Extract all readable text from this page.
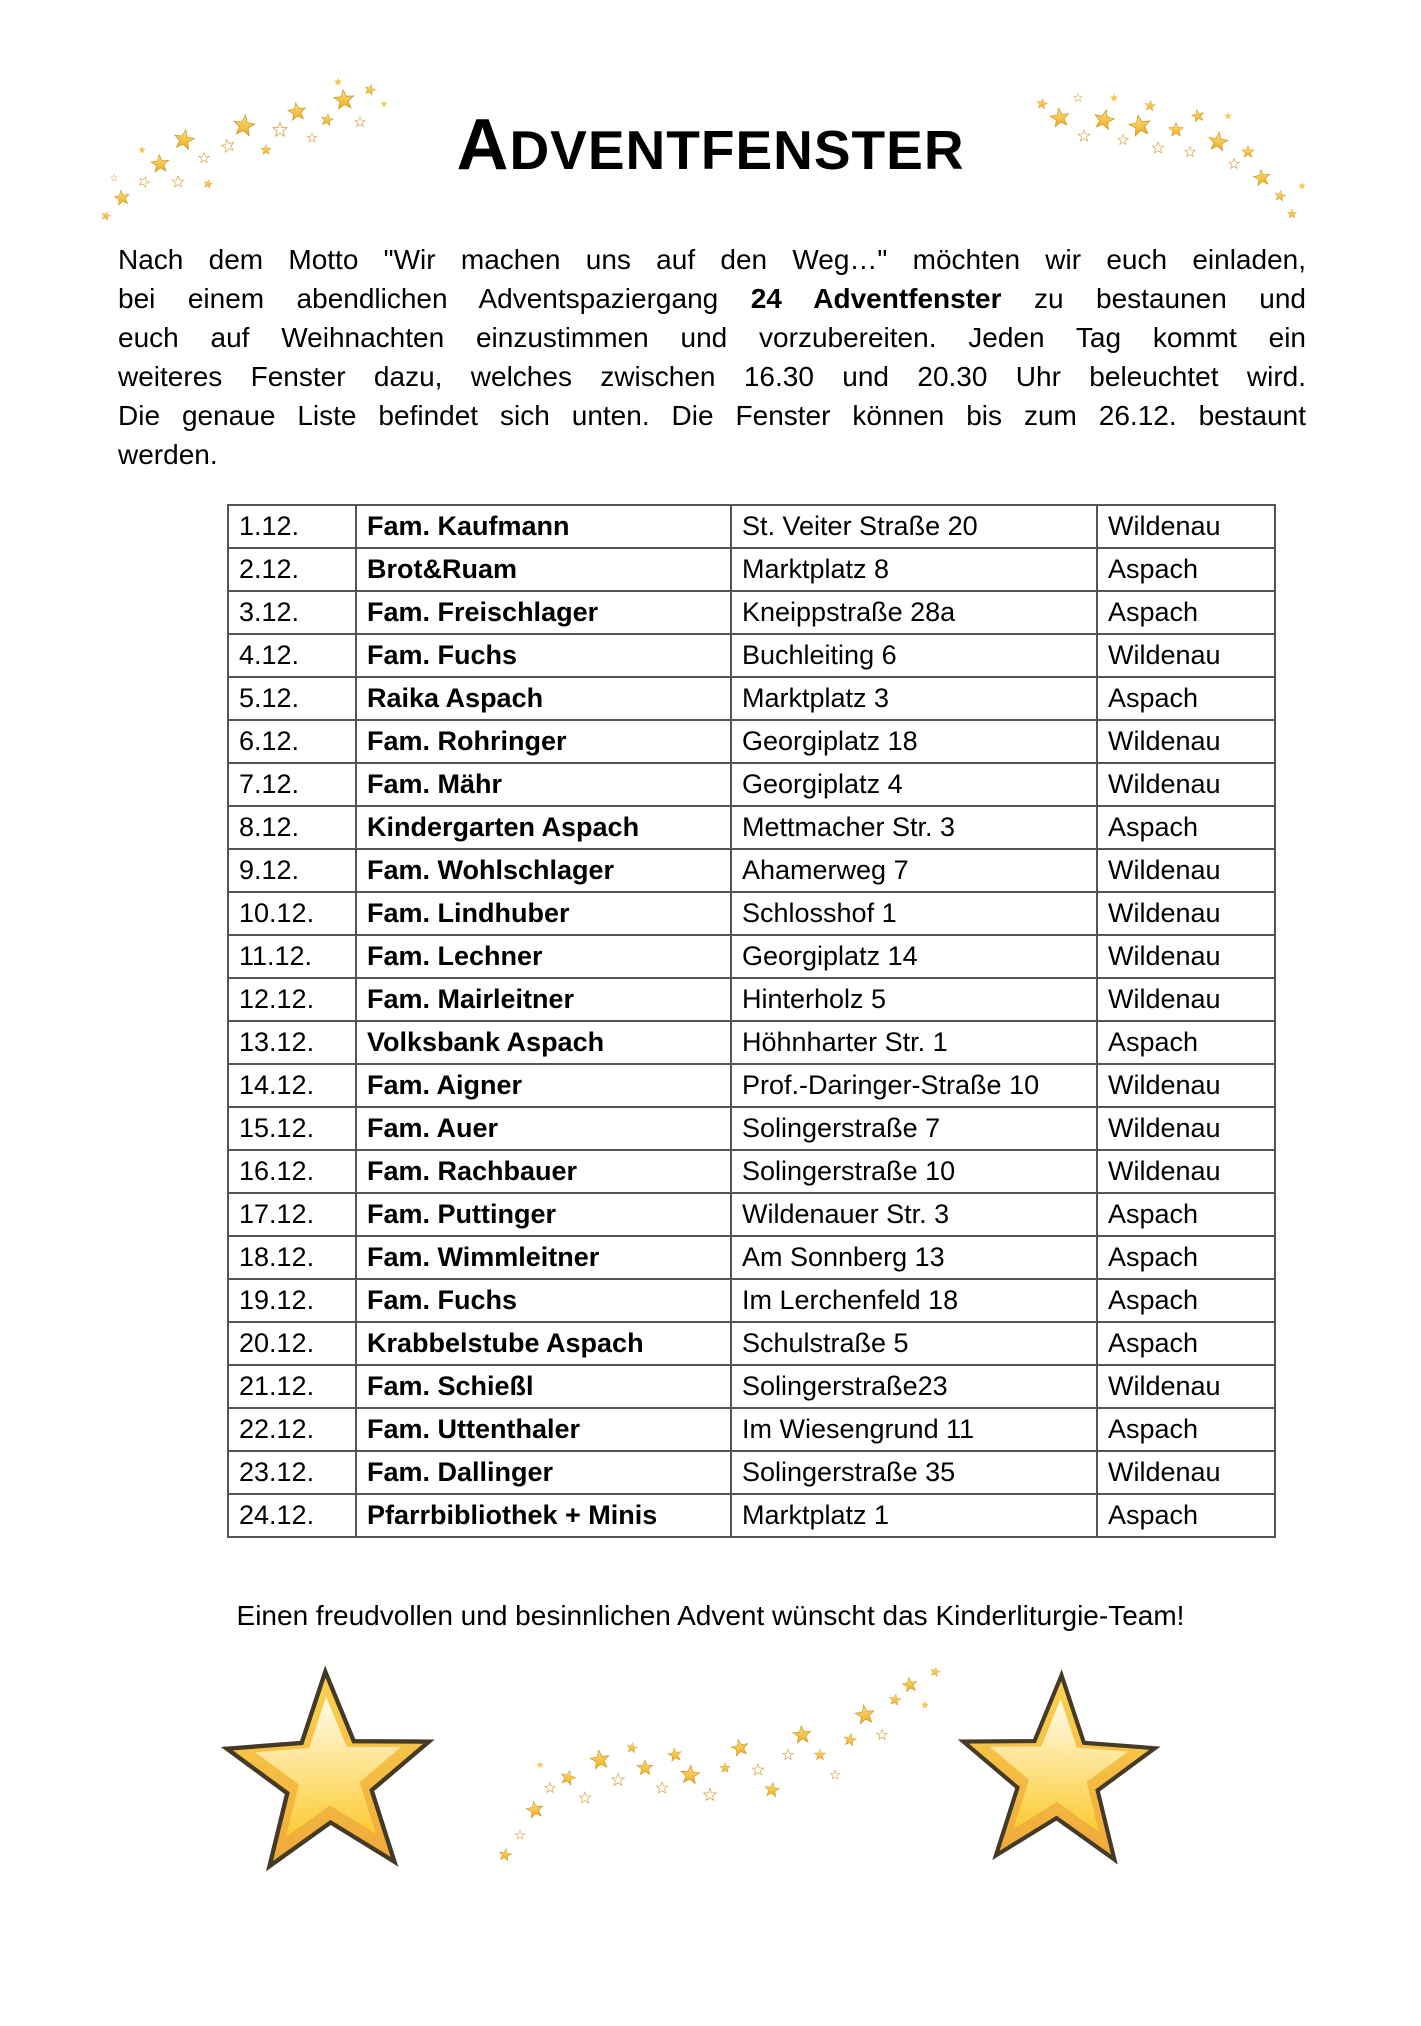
ADVENTFENSTER
Nach dem Motto "Wir machen uns auf den Weg…" möchten wir euch einladen,
bei einem abendlichen Adventspaziergang 24 Adventfenster zu bestaunen und
euch auf Weihnachten einzustimmen und vorzubereiten. Jeden Tag kommt ein
weiteres Fenster dazu, welches zwischen 16.30 und 20.30 Uhr beleuchtet wird.
Die genaue Liste befindet sich unten. Die Fenster können bis zum 26.12. bestaunt
werden.
1.12.	Fam. Kaufmann	St. Veiter Straße 20	Wildenau
2.12.	Brot&Ruam	Marktplatz 8	Aspach
3.12.	Fam. Freischlager	Kneippstraße 28a	Aspach
4.12.	Fam. Fuchs	Buchleiting 6	Wildenau
5.12.	Raika Aspach	Marktplatz 3	Aspach
6.12.	Fam. Rohringer	Georgiplatz 18	Wildenau
7.12.	Fam. Mähr	Georgiplatz 4	Wildenau
8.12.	Kindergarten Aspach	Mettmacher Str. 3	Aspach
9.12.	Fam. Wohlschlager	Ahamerweg 7	Wildenau
10.12.	Fam. Lindhuber	Schlosshof 1	Wildenau
11.12.	Fam. Lechner	Georgiplatz 14	Wildenau
12.12.	Fam. Mairleitner	Hinterholz 5	Wildenau
13.12.	Volksbank Aspach	Höhnharter Str. 1	Aspach
14.12.	Fam. Aigner	Prof.-Daringer-Straße 10	Wildenau
15.12.	Fam. Auer	Solingerstraße 7	Wildenau
16.12.	Fam. Rachbauer	Solingerstraße 10	Wildenau
17.12.	Fam. Puttinger	Wildenauer Str. 3	Aspach
18.12.	Fam. Wimmleitner	Am Sonnberg 13	Aspach
19.12.	Fam. Fuchs	Im Lerchenfeld 18	Aspach
20.12.	Krabbelstube Aspach	Schulstraße 5	Aspach
21.12.	Fam. Schießl	Solingerstraße23	Wildenau
22.12.	Fam. Uttenthaler	Im Wiesengrund 11	Aspach
23.12.	Fam. Dallinger	Solingerstraße 35	Wildenau
24.12.	Pfarrbibliothek + Minis	Marktplatz 1	Aspach

Einen freudvollen und besinnlichen Advent wünscht das Kinderliturgie-Team!
